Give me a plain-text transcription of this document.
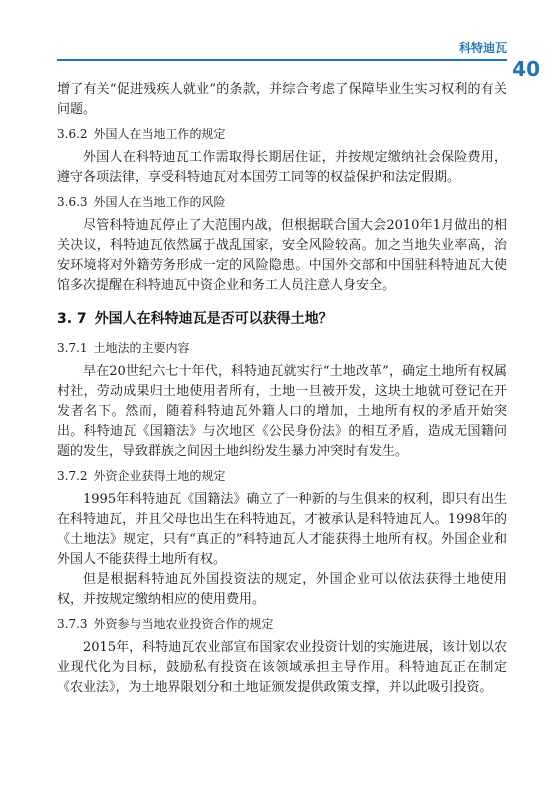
科特迪瓦
40

增了有关“促进残疾人就业”的条款，并综合考虑了保障毕业生实习权利的有关问题。

3.6.2 外国人在当地工作的规定

外国人在科特迪瓦工作需取得长期居住证，并按规定缴纳社会保险费用，遵守各项法律，享受科特迪瓦对本国劳工同等的权益保护和法定假期。

3.6.3 外国人在当地工作的风险

尽管科特迪瓦停止了大范围内战，但根据联合国大会2010年1月做出的相关决议，科特迪瓦依然属于战乱国家，安全风险较高。加之当地失业率高，治安环境将对外籍劳务形成一定的风险隐患。中国外交部和中国驻科特迪瓦大使馆多次提醒在科特迪瓦中资企业和务工人员注意人身安全。

3. 7 外国人在科特迪瓦是否可以获得土地？
3.7.1 土地法的主要内容

早在20世纪六七十年代，科特迪瓦就实行“土地改革”，确定土地所有权属村社，劳动成果归土地使用者所有，土地一旦被开发，这块土地就可登记在开发者名下。然而，随着科特迪瓦外籍人口的增加，土地所有权的矛盾开始突出。科特迪瓦《国籍法》与次地区《公民身份法》的相互矛盾，造成无国籍问题的发生，导致群族之间因土地纠纷发生暴力冲突时有发生。

3.7.2 外资企业获得土地的规定

1995年科特迪瓦《国籍法》确立了一种新的与生俱来的权利，即只有出生在科特迪瓦，并且父母也出生在科特迪瓦，才被承认是科特迪瓦人。1998年的《土地法》规定，只有“真正的”科特迪瓦人才能获得土地所有权。外国企业和外国人不能获得土地所有权。

但是根据科特迪瓦外国投资法的规定，外国企业可以依法获得土地使用权，并按规定缴纳相应的使用费用。

3.7.3 外资参与当地农业投资合作的规定

2015年，科特迪瓦农业部宣布国家农业投资计划的实施进展，该计划以农业现代化为目标，鼓励私有投资在该领域承担主导作用。科特迪瓦正在制定《农业法》，为土地界限划分和土地证颁发提供政策支撑，并以此吸引投资。
